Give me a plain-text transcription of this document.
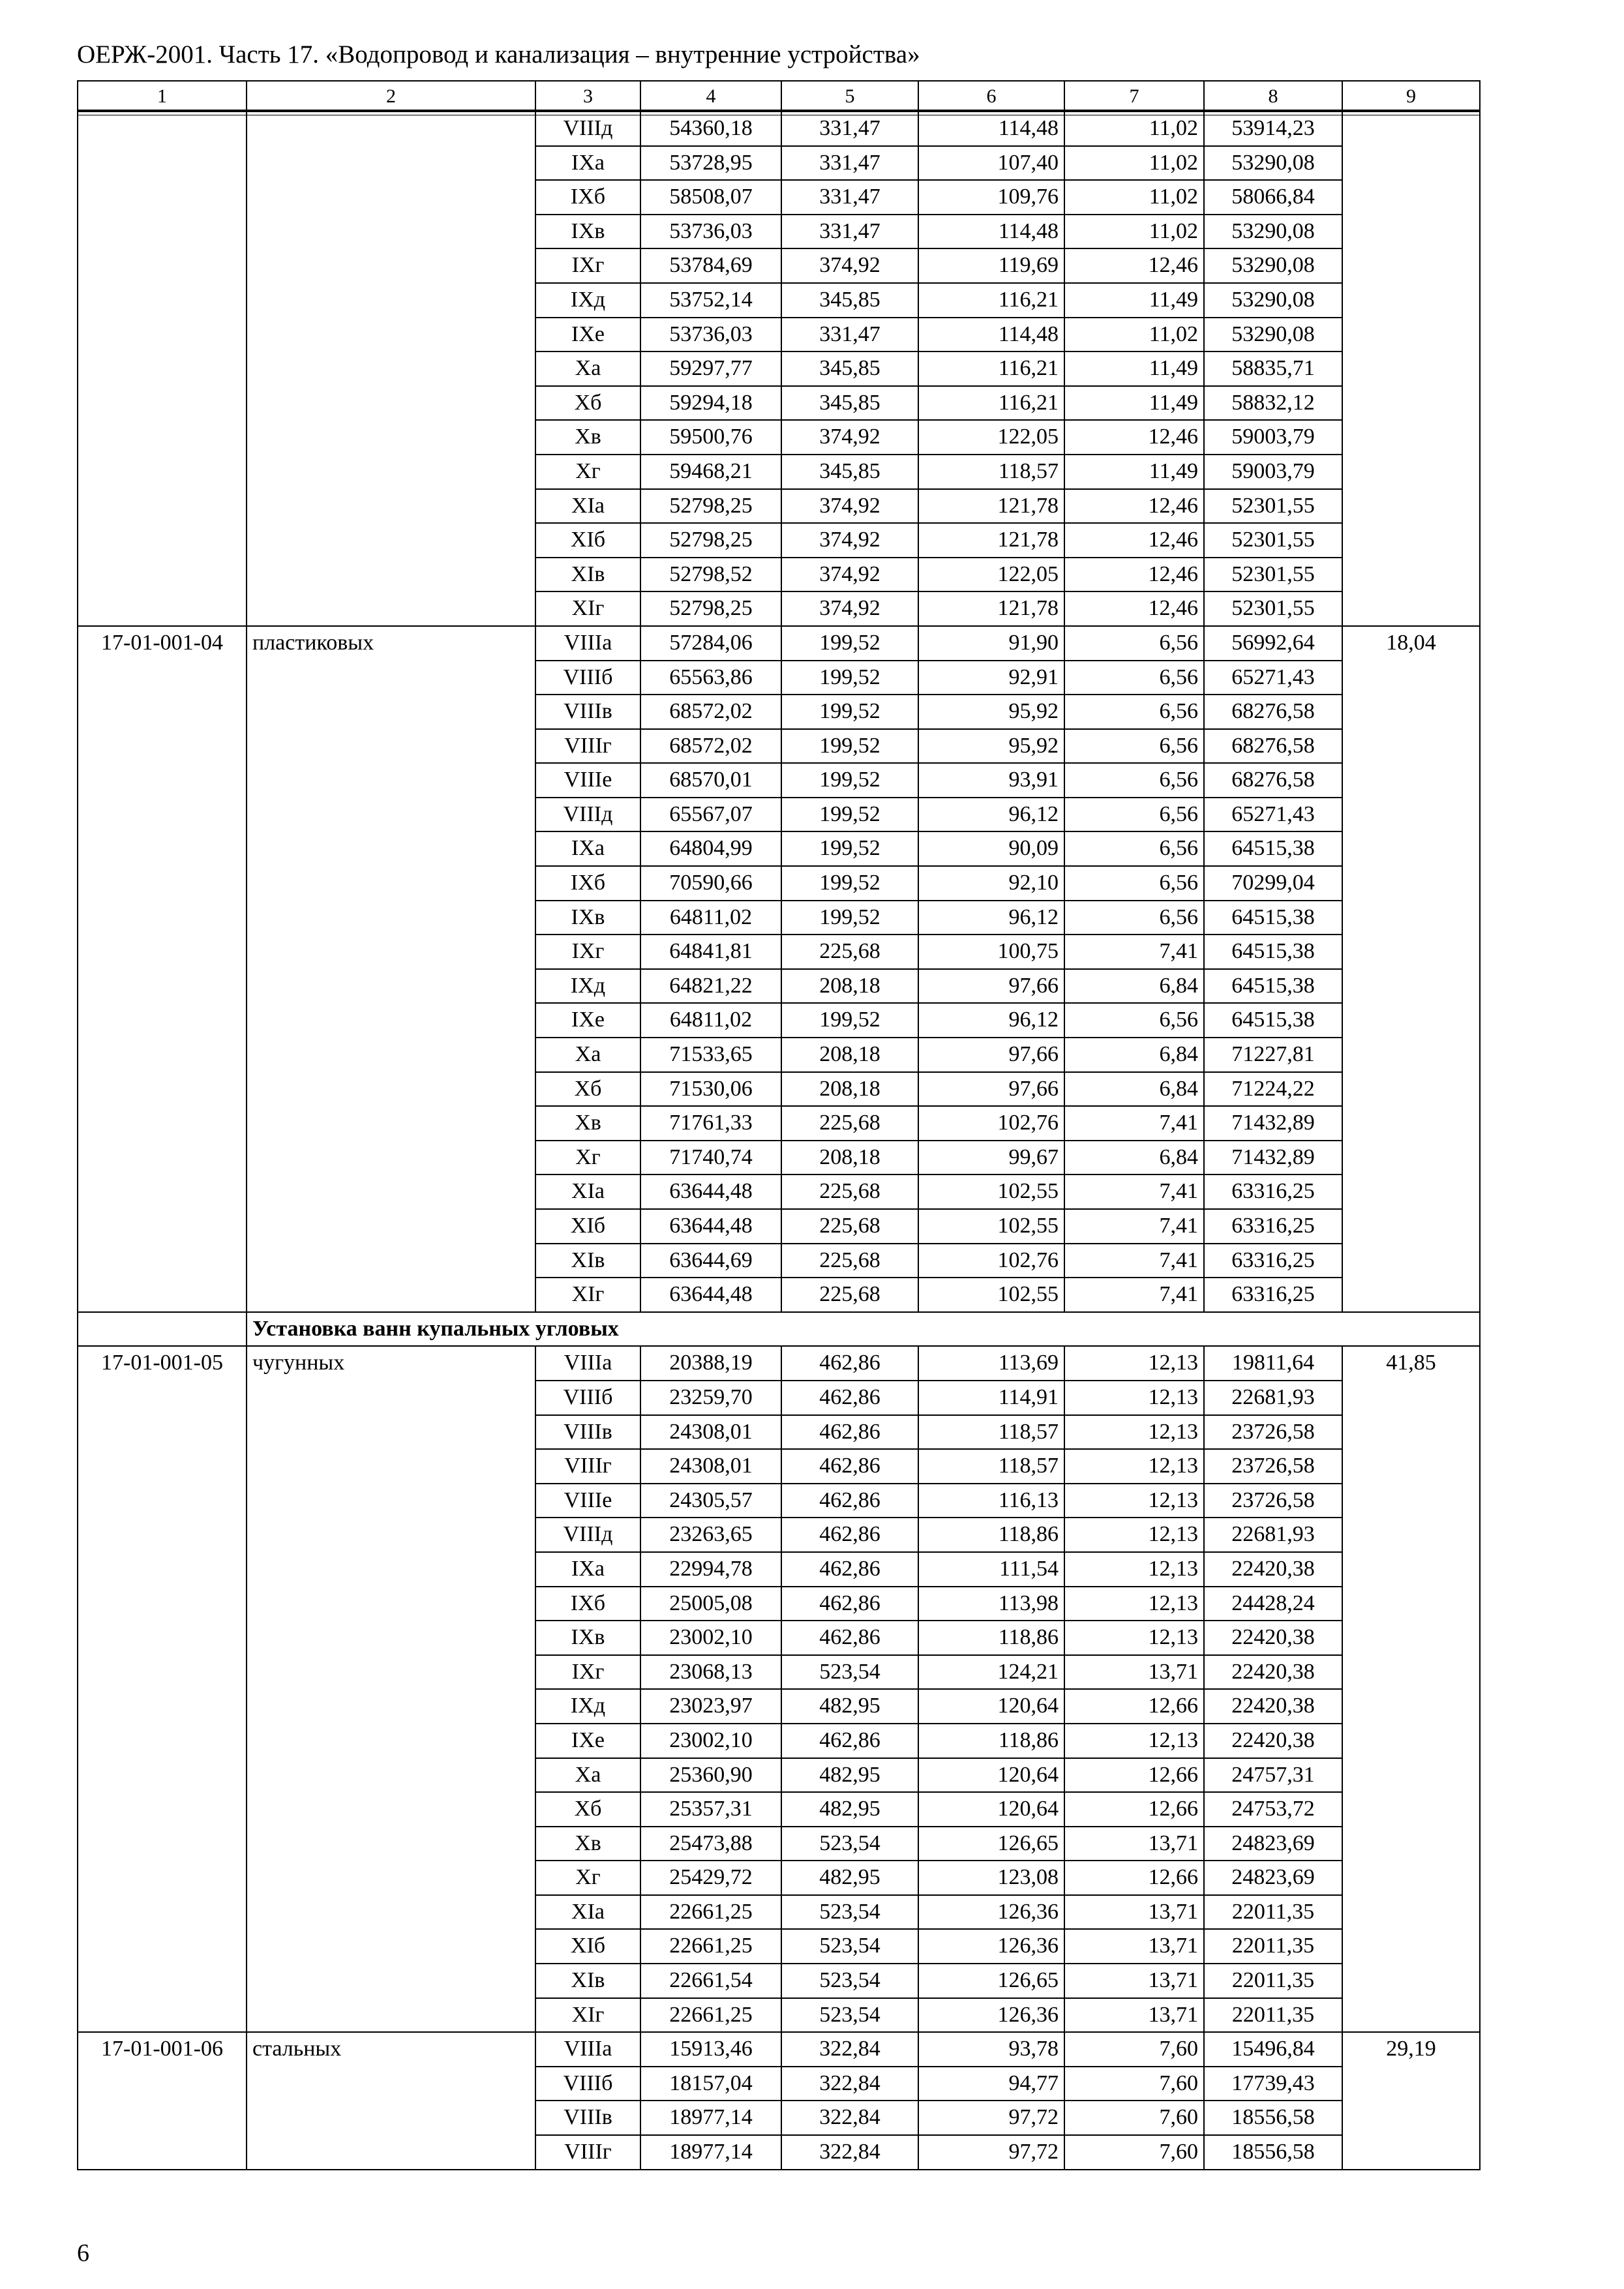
ОЕРЖ-2001. Часть 17. «Водопровод и канализация – внутренние устройства»
1	2	3	4	5	6	7	8	9
		VIIIд	54360,18	331,47	114,48	11,02	53914,23	
		IXа	53728,95	331,47	107,40	11,02	53290,08	
		IXб	58508,07	331,47	109,76	11,02	58066,84	
		IXв	53736,03	331,47	114,48	11,02	53290,08	
		IXг	53784,69	374,92	119,69	12,46	53290,08	
		IXд	53752,14	345,85	116,21	11,49	53290,08	
		IXе	53736,03	331,47	114,48	11,02	53290,08	
		Xа	59297,77	345,85	116,21	11,49	58835,71	
		Xб	59294,18	345,85	116,21	11,49	58832,12	
		Xв	59500,76	374,92	122,05	12,46	59003,79	
		Xг	59468,21	345,85	118,57	11,49	59003,79	
		XIа	52798,25	374,92	121,78	12,46	52301,55	
		XIб	52798,25	374,92	121,78	12,46	52301,55	
		XIв	52798,52	374,92	122,05	12,46	52301,55	
		XIг	52798,25	374,92	121,78	12,46	52301,55	
17-01-001-04	пластиковых	VIIIа	57284,06	199,52	91,90	6,56	56992,64	18,04
		VIIIб	65563,86	199,52	92,91	6,56	65271,43	
		VIIIв	68572,02	199,52	95,92	6,56	68276,58	
		VIIIг	68572,02	199,52	95,92	6,56	68276,58	
		VIIIе	68570,01	199,52	93,91	6,56	68276,58	
		VIIIд	65567,07	199,52	96,12	6,56	65271,43	
		IXа	64804,99	199,52	90,09	6,56	64515,38	
		IXб	70590,66	199,52	92,10	6,56	70299,04	
		IXв	64811,02	199,52	96,12	6,56	64515,38	
		IXг	64841,81	225,68	100,75	7,41	64515,38	
		IXд	64821,22	208,18	97,66	6,84	64515,38	
		IXе	64811,02	199,52	96,12	6,56	64515,38	
		Xа	71533,65	208,18	97,66	6,84	71227,81	
		Xб	71530,06	208,18	97,66	6,84	71224,22	
		Xв	71761,33	225,68	102,76	7,41	71432,89	
		Xг	71740,74	208,18	99,67	6,84	71432,89	
		XIа	63644,48	225,68	102,55	7,41	63316,25	
		XIб	63644,48	225,68	102,55	7,41	63316,25	
		XIв	63644,69	225,68	102,76	7,41	63316,25	
		XIг	63644,48	225,68	102,55	7,41	63316,25	
	Установка ванн купальных угловых							
17-01-001-05	чугунных	VIIIа	20388,19	462,86	113,69	12,13	19811,64	41,85
		VIIIб	23259,70	462,86	114,91	12,13	22681,93	
		VIIIв	24308,01	462,86	118,57	12,13	23726,58	
		VIIIг	24308,01	462,86	118,57	12,13	23726,58	
		VIIIе	24305,57	462,86	116,13	12,13	23726,58	
		VIIIд	23263,65	462,86	118,86	12,13	22681,93	
		IXа	22994,78	462,86	111,54	12,13	22420,38	
		IXб	25005,08	462,86	113,98	12,13	24428,24	
		IXв	23002,10	462,86	118,86	12,13	22420,38	
		IXг	23068,13	523,54	124,21	13,71	22420,38	
		IXд	23023,97	482,95	120,64	12,66	22420,38	
		IXе	23002,10	462,86	118,86	12,13	22420,38	
		Xа	25360,90	482,95	120,64	12,66	24757,31	
		Xб	25357,31	482,95	120,64	12,66	24753,72	
		Xв	25473,88	523,54	126,65	13,71	24823,69	
		Xг	25429,72	482,95	123,08	12,66	24823,69	
		XIа	22661,25	523,54	126,36	13,71	22011,35	
		XIб	22661,25	523,54	126,36	13,71	22011,35	
		XIв	22661,54	523,54	126,65	13,71	22011,35	
		XIг	22661,25	523,54	126,36	13,71	22011,35	
17-01-001-06	стальных	VIIIа	15913,46	322,84	93,78	7,60	15496,84	29,19
		VIIIб	18157,04	322,84	94,77	7,60	17739,43	
		VIIIв	18977,14	322,84	97,72	7,60	18556,58	
		VIIIг	18977,14	322,84	97,72	7,60	18556,58	
6
